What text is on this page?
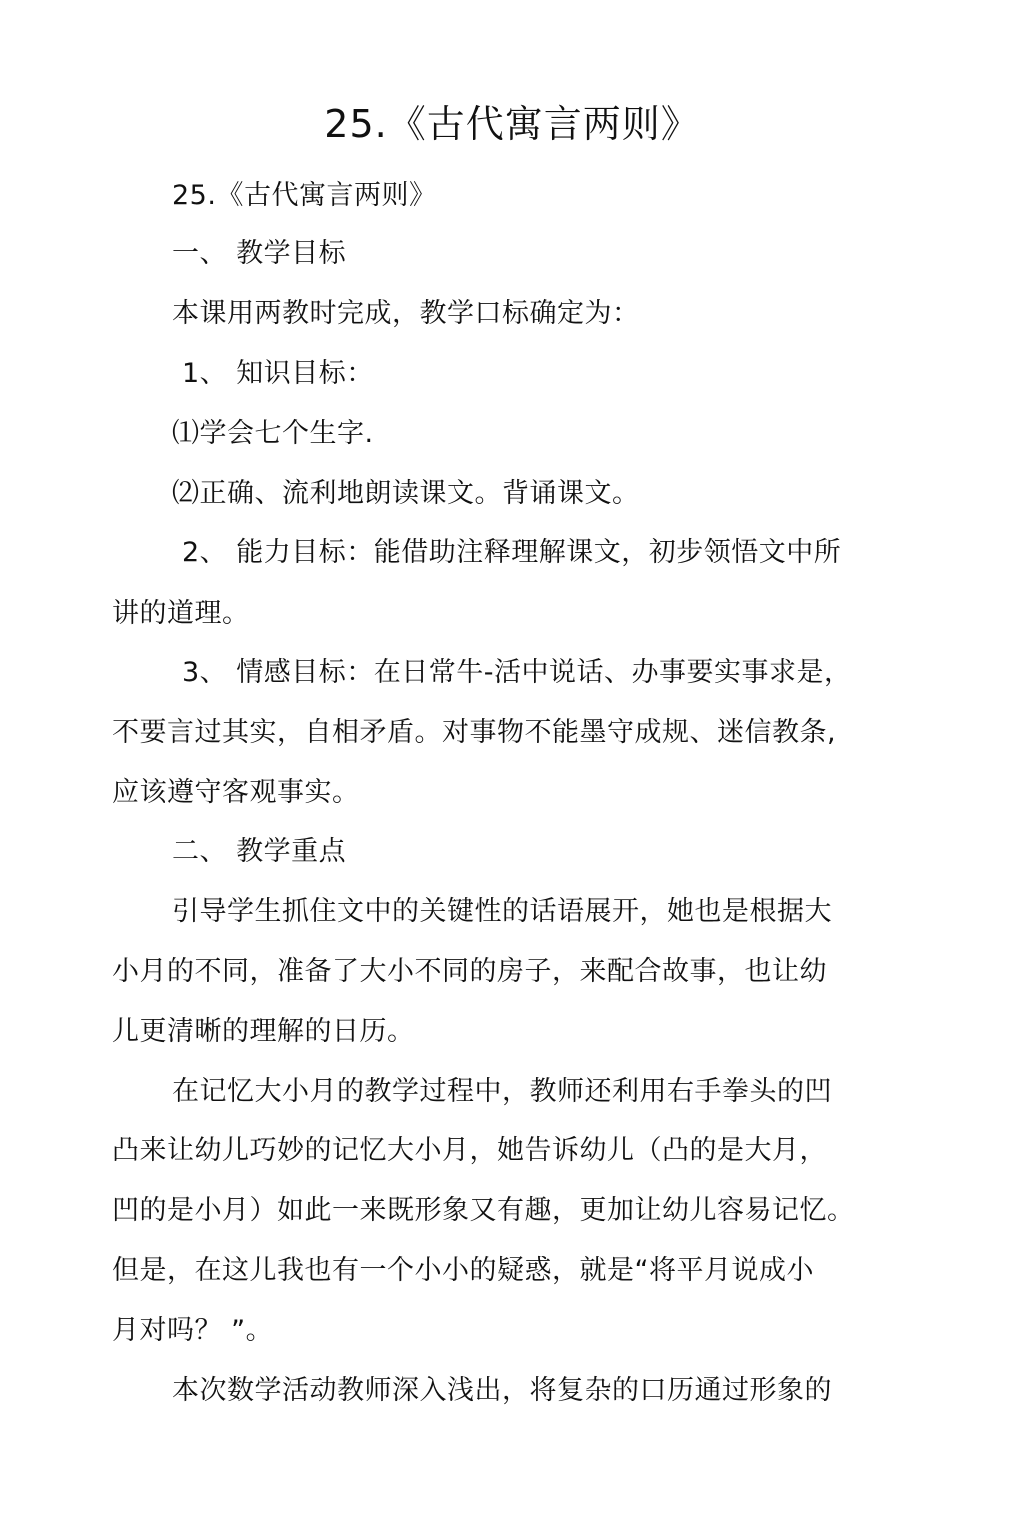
25.《古代寓言两则》
25.《古代寓言两则》
一、 教学目标
本课用两教时完成，教学口标确定为：
1、 知识目标：
⑴学会七个生字.
⑵正确、流利地朗读课文。背诵课文。
2、 能力目标：能借助注释理解课文，初步领悟文中所
讲的道理。
3、 情感目标：在日常牛-活中说话、办事要实事求是，
不要言过其实，自相矛盾。对事物不能墨守成规、迷信教条,
应该遵守客观事实。
二、 教学重点
引导学生抓住文中的关键性的话语展开，她也是根据大
小月的不同，准备了大小不同的房子，来配合故事，也让幼
儿更清晰的理解的日历。
在记忆大小月的教学过程中，教师还利用右手拳头的凹
凸来让幼儿巧妙的记忆大小月，她告诉幼儿（凸的是大月，
凹的是小月）如此一来既形象又有趣，更加让幼儿容易记忆。
但是，在这儿我也有一个小小的疑惑，就是“将平月说成小
月对吗？ ”。
本次数学活动教师深入浅出，将复杂的口历通过形象的
